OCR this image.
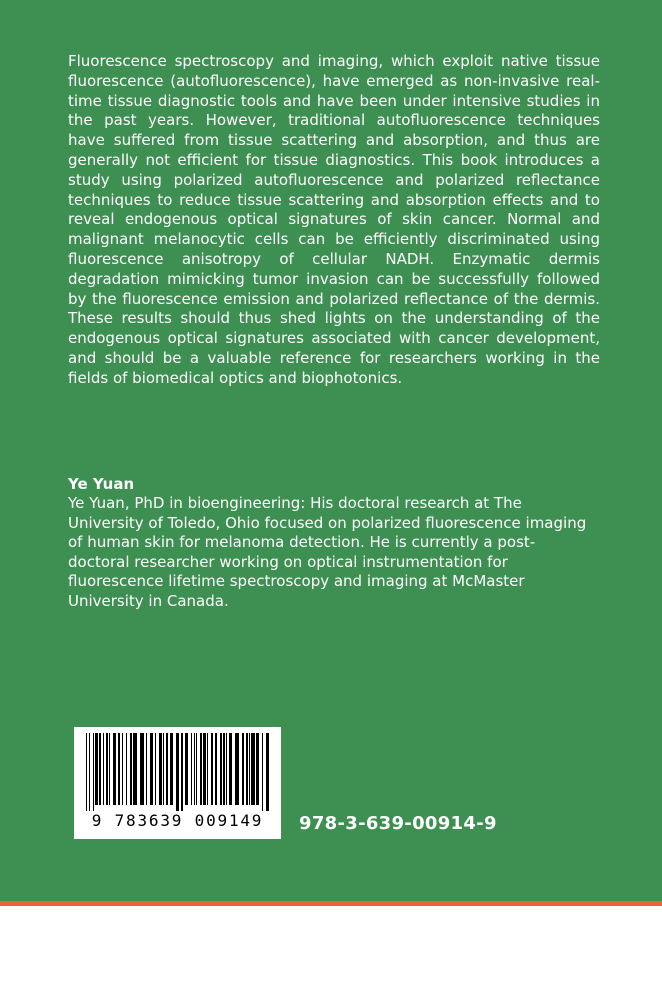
Fluorescence spectroscopy and imaging, which exploit native tissue fluorescence (autofluorescence), have emerged as non-invasive real-time tissue diagnostic tools and have been under intensive studies in the past years. However, traditional autofluorescence techniques have suffered from tissue scattering and absorption, and thus are generally not efficient for tissue diagnostics. This book introduces a study using polarized autofluorescence and polarized reflectance techniques to reduce tissue scattering and absorption effects and to reveal endogenous optical signatures of skin cancer. Normal and malignant melanocytic cells can be efficiently discriminated using fluorescence anisotropy of cellular NADH. Enzymatic dermis degradation mimicking tumor invasion can be successfully followed by the fluorescence emission and polarized reflectance of the dermis. These results should thus shed lights on the understanding of the endogenous optical signatures associated with cancer development, and should be a valuable reference for researchers working in the fields of biomedical optics and biophotonics.

Ye Yuan

Ye Yuan, PhD in bioengineering: His doctoral research at The University of Toledo, Ohio focused on polarized fluorescence imaging of human skin for melanoma detection. He is currently a post-doctoral researcher working on optical instrumentation for fluorescence lifetime spectroscopy and imaging at McMaster University in Canada.

9 783639 009149	978-3-639-00914-9
